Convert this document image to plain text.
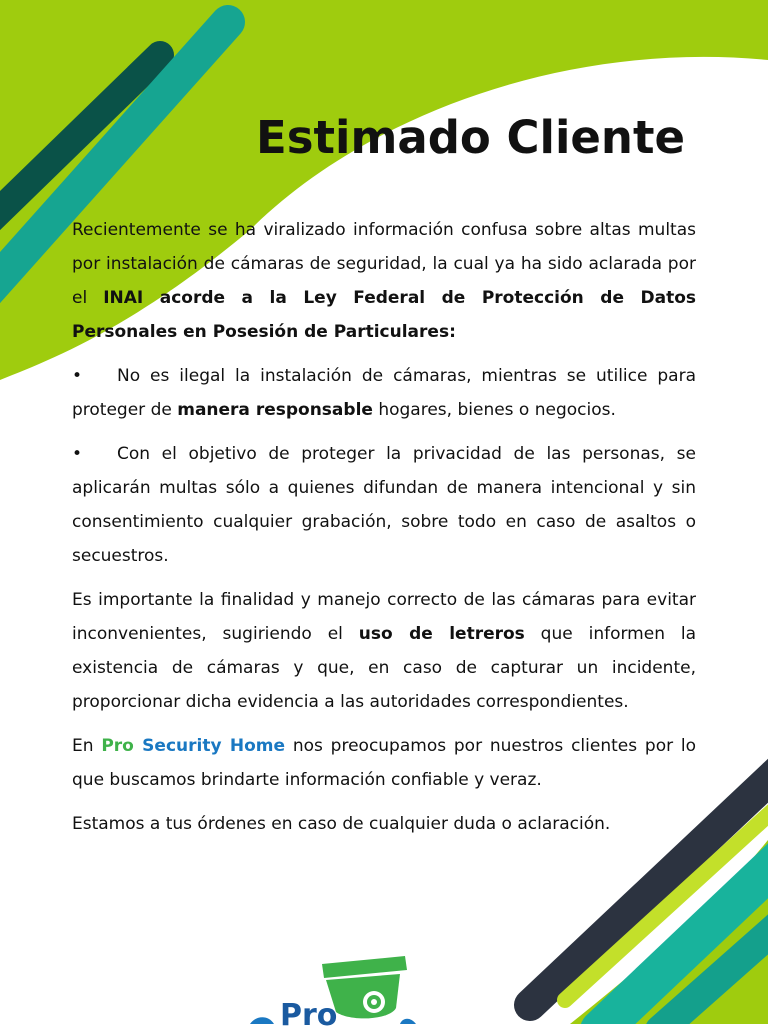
Estimado Cliente

Recientemente se ha viralizado información confusa sobre altas multas por instalación de cámaras de seguridad, la cual ya ha sido aclarada por el INAI acorde a la Ley Federal de Protección de Datos Personales en Posesión de Particulares:

• No es ilegal la instalación de cámaras, mientras se utilice para proteger de manera responsable hogares, bienes o negocios.

• Con el objetivo de proteger la privacidad de las personas, se aplicarán multas sólo a quienes difundan de manera intencional y sin consentimiento cualquier grabación, sobre todo en caso de asaltos o secuestros.

Es importante la finalidad y manejo correcto de las cámaras para evitar inconvenientes, sugiriendo el uso de letreros que informen la existencia de cámaras y que, en caso de capturar un incidente, proporcionar dicha evidencia a las autoridades correspondientes.

En Pro Security Home nos preocupamos por nuestros clientes por lo que buscamos brindarte información confiable y veraz.

Estamos a tus órdenes en caso de cualquier duda o aclaración.

Pro
